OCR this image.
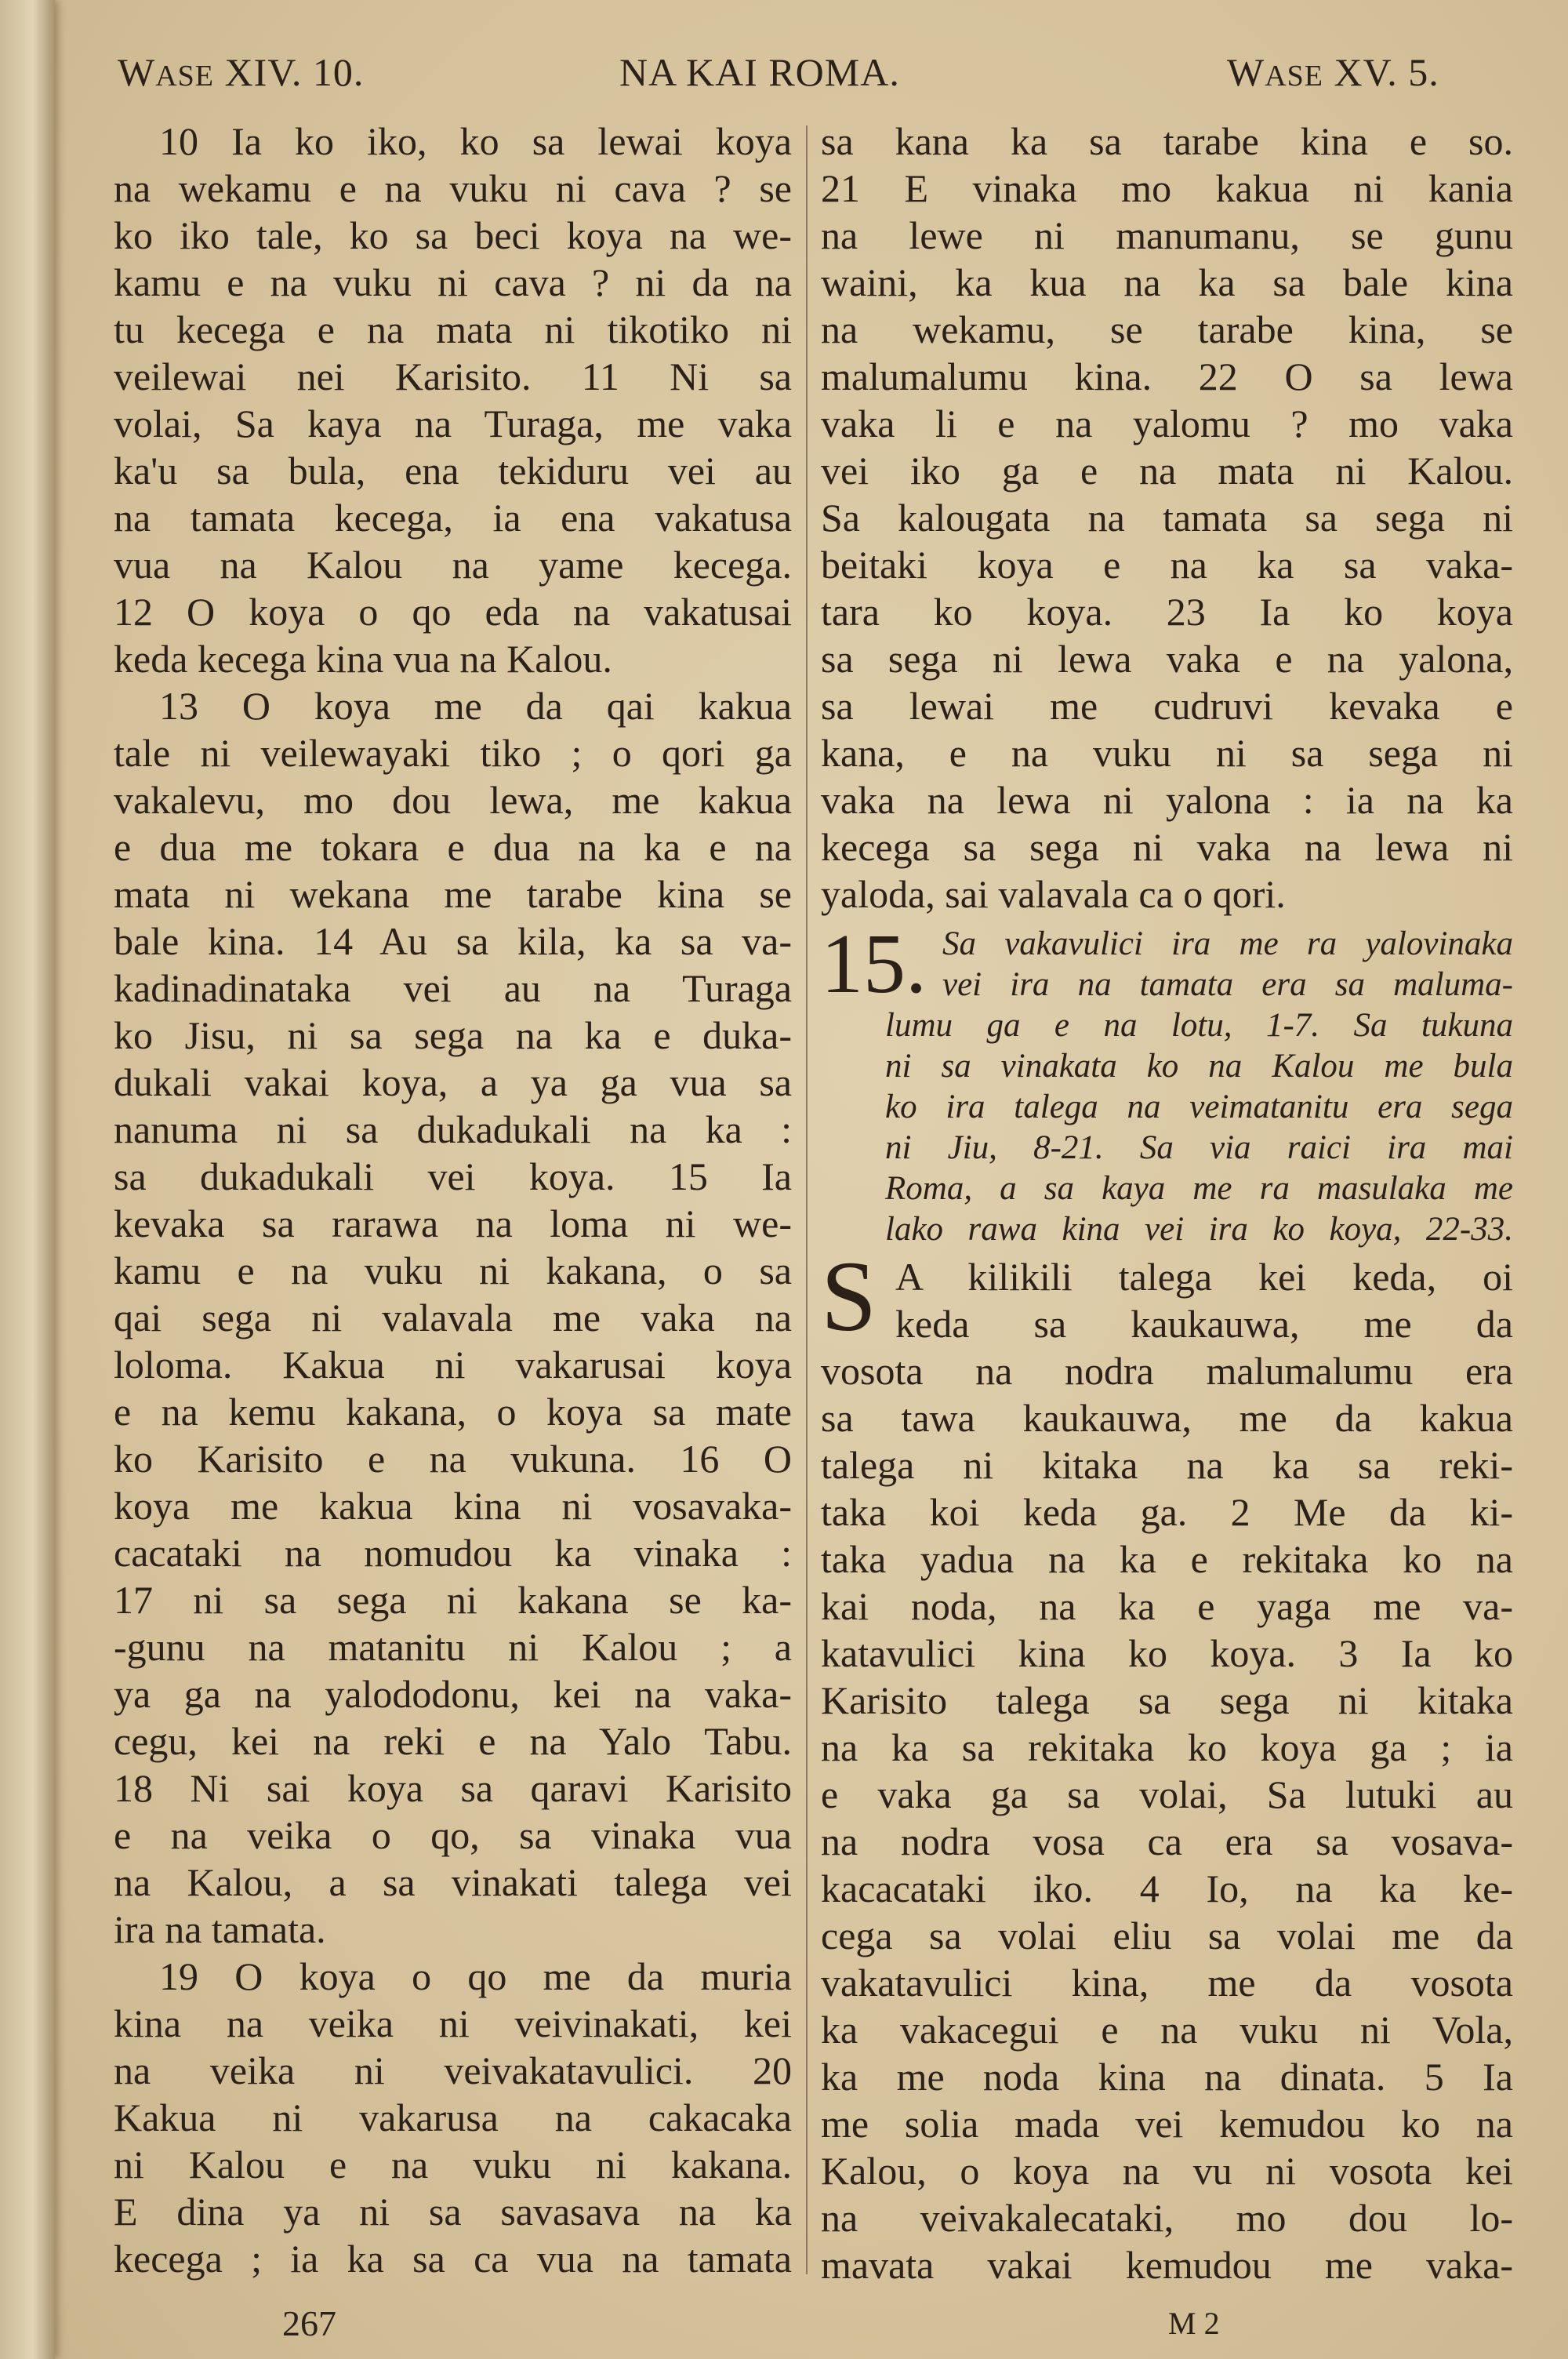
WASE XIV. 10.	NA KAI ROMA.	WASE XV. 5.
10 Ia ko iko, ko sa lewai koya
na wekamu e na vuku ni cava ? se
ko iko tale, ko sa beci koya na we-
kamu e na vuku ni cava ? ni da na
tu kecega e na mata ni tikotiko ni
veilewai nei Karisito. 11 Ni sa
volai, Sa kaya na Turaga, me vaka
ka'u sa bula, ena tekiduru vei au
na tamata kecega, ia ena vakatusa
vua na Kalou na yame kecega.
12 O koya o qo eda na vakatusai
keda kecega kina vua na Kalou.
13 O koya me da qai kakua
tale ni veilewayaki tiko ; o qori ga
vakalevu, mo dou lewa, me kakua
e dua me tokara e dua na ka e na
mata ni wekana me tarabe kina se
bale kina. 14 Au sa kila, ka sa va-
kadinadinataka vei au na Turaga
ko Jisu, ni sa sega na ka e duka-
dukali vakai koya, a ya ga vua sa
nanuma ni sa dukadukali na ka :
sa dukadukali vei koya. 15 Ia
kevaka sa rarawa na loma ni we-
kamu e na vuku ni kakana, o sa
qai sega ni valavala me vaka na
loloma. Kakua ni vakarusai koya
e na kemu kakana, o koya sa mate
ko Karisito e na vukuna. 16 O
koya me kakua kina ni vosavaka-
cacataki na nomudou ka vinaka :
17 ni sa sega ni kakana se ka-
-gunu na matanitu ni Kalou ; a
ya ga na yalododonu, kei na vaka-
cegu, kei na reki e na Yalo Tabu.
18 Ni sai koya sa qaravi Karisito
e na veika o qo, sa vinaka vua
na Kalou, a sa vinakati talega vei
ira na tamata.
19 O koya o qo me da muria
kina na veika ni veivinakati, kei
na veika ni veivakatavulici. 20
Kakua ni vakarusa na cakacaka
ni Kalou e na vuku ni kakana.
E dina ya ni sa savasava na ka
kecega ; ia ka sa ca vua na tamata
sa kana ka sa tarabe kina e so.
21 E vinaka mo kakua ni kania
na lewe ni manumanu, se gunu
waini, ka kua na ka sa bale kina
na wekamu, se tarabe kina, se
malumalumu kina. 22 O sa lewa
vaka li e na yalomu ? mo vaka
vei iko ga e na mata ni Kalou.
Sa kalougata na tamata sa sega ni
beitaki koya e na ka sa vaka-
tara ko koya. 23 Ia ko koya
sa sega ni lewa vaka e na yalona,
sa lewai me cudruvi kevaka e
kana, e na vuku ni sa sega ni
vaka na lewa ni yalona : ia na ka
kecega sa sega ni vaka na lewa ni
yaloda, sai valavala ca o qori.
15. Sa vakavulici ira me ra yalovinaka
vei ira na tamata era sa maluma-
lumu ga e na lotu, 1-7. Sa tukuna
ni sa vinakata ko na Kalou me bula
ko ira talega na veimatanitu era sega
ni Jiu, 8-21. Sa via raici ira mai
Roma, a sa kaya me ra masulaka me
lako rawa kina vei ira ko koya, 22-33.
S A kilikili talega kei keda, oi
keda sa kaukauwa, me da
vosota na nodra malumalumu era
sa tawa kaukauwa, me da kakua
talega ni kitaka na ka sa reki-
taka koi keda ga. 2 Me da ki-
taka yadua na ka e rekitaka ko na
kai noda, na ka e yaga me va-
katavulici kina ko koya. 3 Ia ko
Karisito talega sa sega ni kitaka
na ka sa rekitaka ko koya ga ; ia
e vaka ga sa volai, Sa lutuki au
na nodra vosa ca era sa vosava-
kacacataki iko. 4 Io, na ka ke-
cega sa volai eliu sa volai me da
vakatavulici kina, me da vosota
ka vakacegui e na vuku ni Vola,
ka me noda kina na dinata. 5 Ia
me solia mada vei kemudou ko na
Kalou, o koya na vu ni vosota kei
na veivakalecataki, mo dou lo-
mavata vakai kemudou me vaka-
267	M 2
